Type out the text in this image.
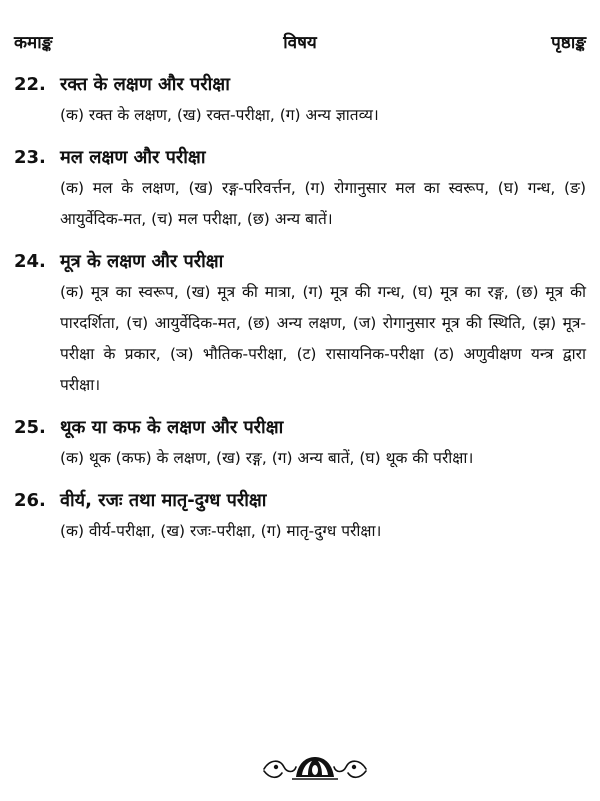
कमाङ्क	विषय	पृष्ठाङ्क
22. रक्त के लक्षण और परीक्षा
(क) रक्त के लक्षण, (ख) रक्त-परीक्षा, (ग) अन्य ज्ञातव्य।
23. मल लक्षण और परीक्षा
(क) मल के लक्षण, (ख) रङ्ग-परिवर्त्तन, (ग) रोगानुसार मल का स्वरूप, (घ) गन्ध, (ङ) आयुर्वेदिक-मत, (च) मल परीक्षा, (छ) अन्य बातें।
24. मूत्र के लक्षण और परीक्षा
(क) मूत्र का स्वरूप, (ख) मूत्र की मात्रा, (ग) मूत्र की गन्ध, (घ) मूत्र का रङ्ग, (छ) मूत्र की पारदर्शिता, (च) आयुर्वेदिक-मत, (छ) अन्य लक्षण, (ज) रोगानुसार मूत्र की स्थिति, (झ) मूत्र-परीक्षा के प्रकार, (ञ) भौतिक-परीक्षा, (ट) रासायनिक-परीक्षा (ठ) अणुवीक्षण यन्त्र द्वारा परीक्षा।
25. थूक या कफ के लक्षण और परीक्षा
(क) थूक (कफ) के लक्षण, (ख) रङ्ग, (ग) अन्य बातें, (घ) थूक की परीक्षा।
26. वीर्य, रजः तथा मातृ-दुग्ध परीक्षा
(क) वीर्य-परीक्षा, (ख) रजः-परीक्षा, (ग) मातृ-दुग्ध परीक्षा।
